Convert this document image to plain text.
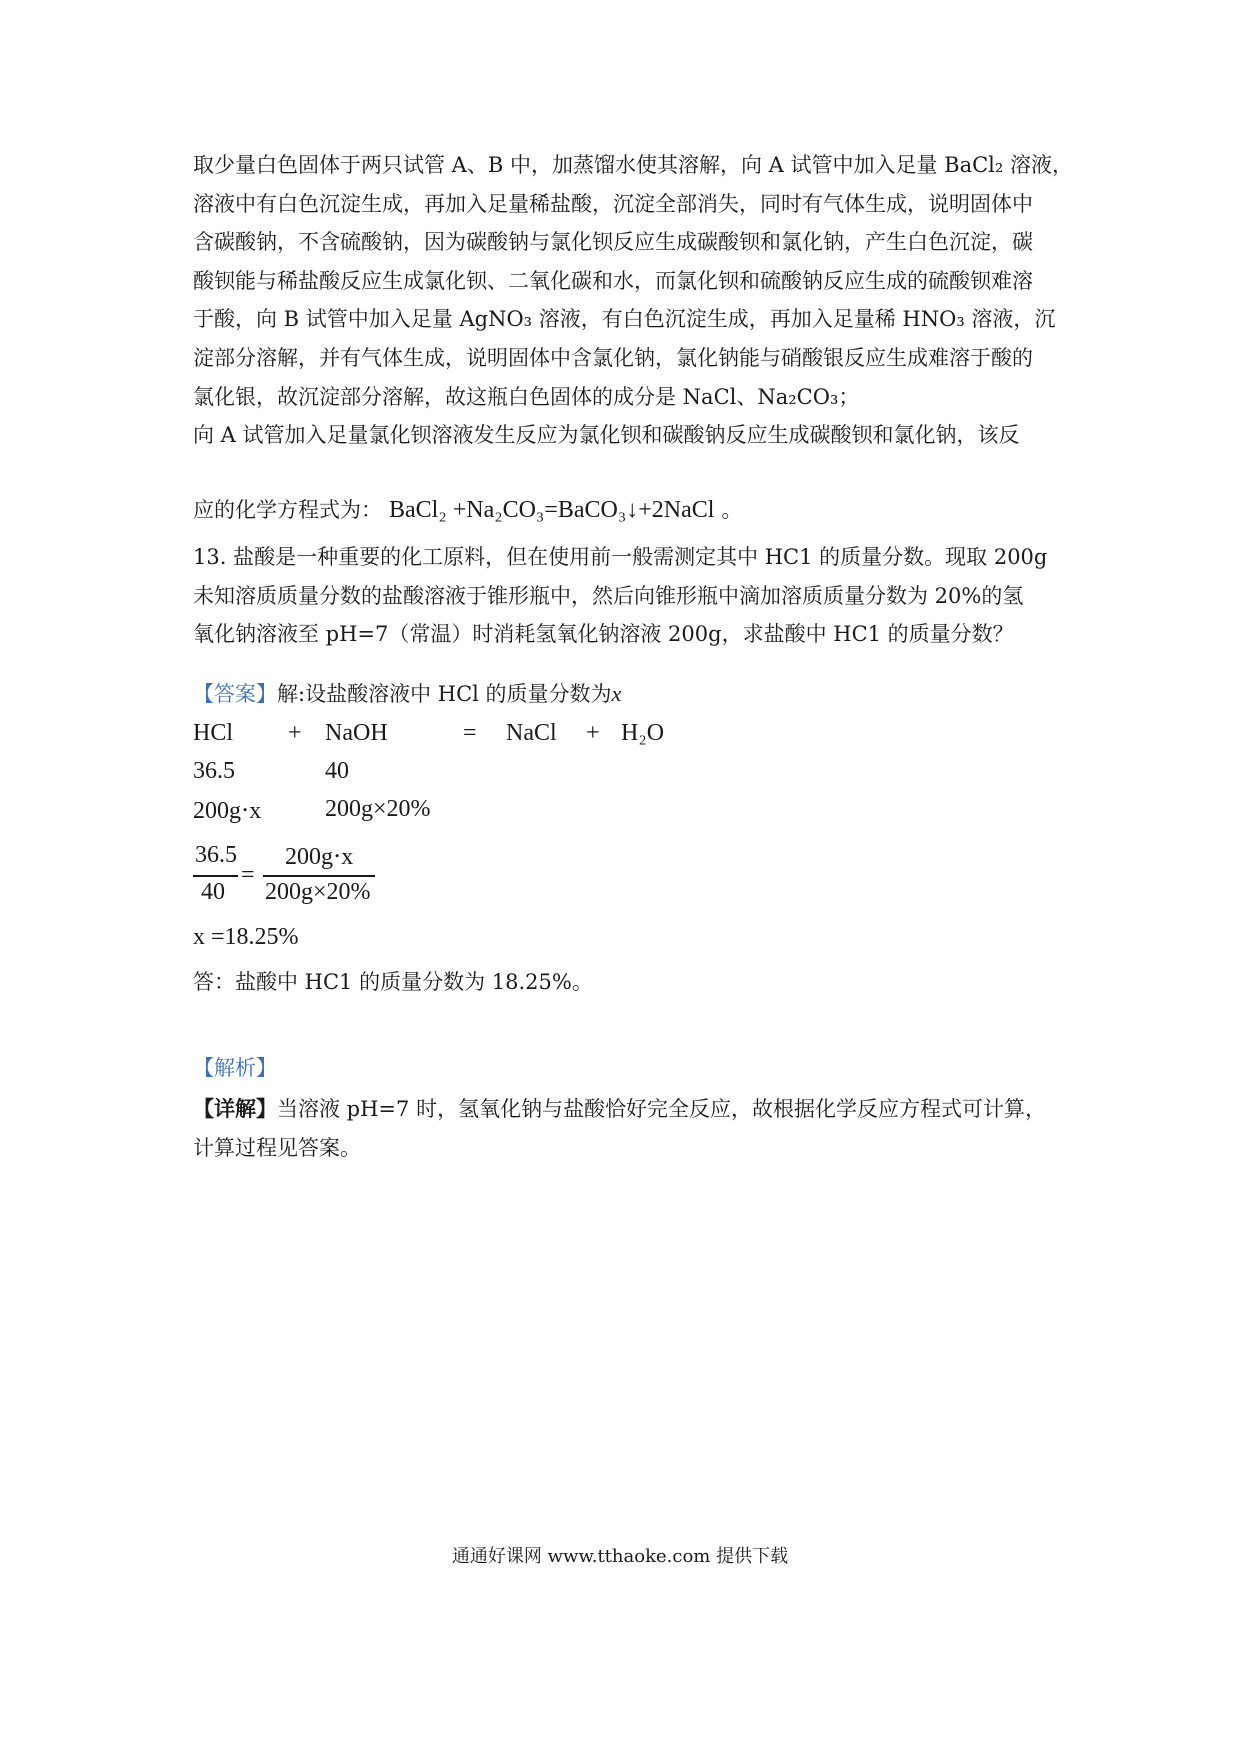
取少量白色固体于两只试管 A、B 中，加蒸馏水使其溶解，向 A 试管中加入足量 BaCl₂ 溶液，
溶液中有白色沉淀生成，再加入足量稀盐酸，沉淀全部消失，同时有气体生成，说明固体中
含碳酸钠，不含硫酸钠，因为碳酸钠与氯化钡反应生成碳酸钡和氯化钠，产生白色沉淀，碳
酸钡能与稀盐酸反应生成氯化钡、二氧化碳和水，而氯化钡和硫酸钠反应生成的硫酸钡难溶
于酸，向 B 试管中加入足量 AgNO₃ 溶液，有白色沉淀生成，再加入足量稀 HNO₃ 溶液，沉
淀部分溶解，并有气体生成，说明固体中含氯化钠，氯化钠能与硝酸银反应生成难溶于酸的
氯化银，故沉淀部分溶解，故这瓶白色固体的成分是 NaCl、Na₂CO₃；
向 A 试管加入足量氯化钡溶液发生反应为氯化钡和碳酸钠反应生成碳酸钡和氯化钠，该反
应的化学方程式为： BaCl₂ +Na₂CO₃=BaCO₃↓+2NaCl 。
13. 盐酸是一种重要的化工原料，但在使用前一般需测定其中 HC1 的质量分数。现取 200g
未知溶质质量分数的盐酸溶液于锥形瓶中，然后向锥形瓶中滴加溶质质量分数为 20%的氢
氧化钠溶液至 pH=7（常温）时消耗氢氧化钠溶液 200g，求盐酸中 HC1 的质量分数？
【答案】解:设盐酸溶液中 HCl 的质量分数为x
HCl + NaOH	= NaCl + H₂O
36.5	40
200g⋅x	200g×20%
36.5
40
=
200g⋅x
200g×20%
x =18.25%
答：盐酸中 HC1 的质量分数为 18.25%。
【解析】
【详解】当溶液 pH=7 时，氢氧化钠与盐酸恰好完全反应，故根据化学反应方程式可计算，
计算过程见答案。
通通好课网 www.tthaoke.com 提供下载
